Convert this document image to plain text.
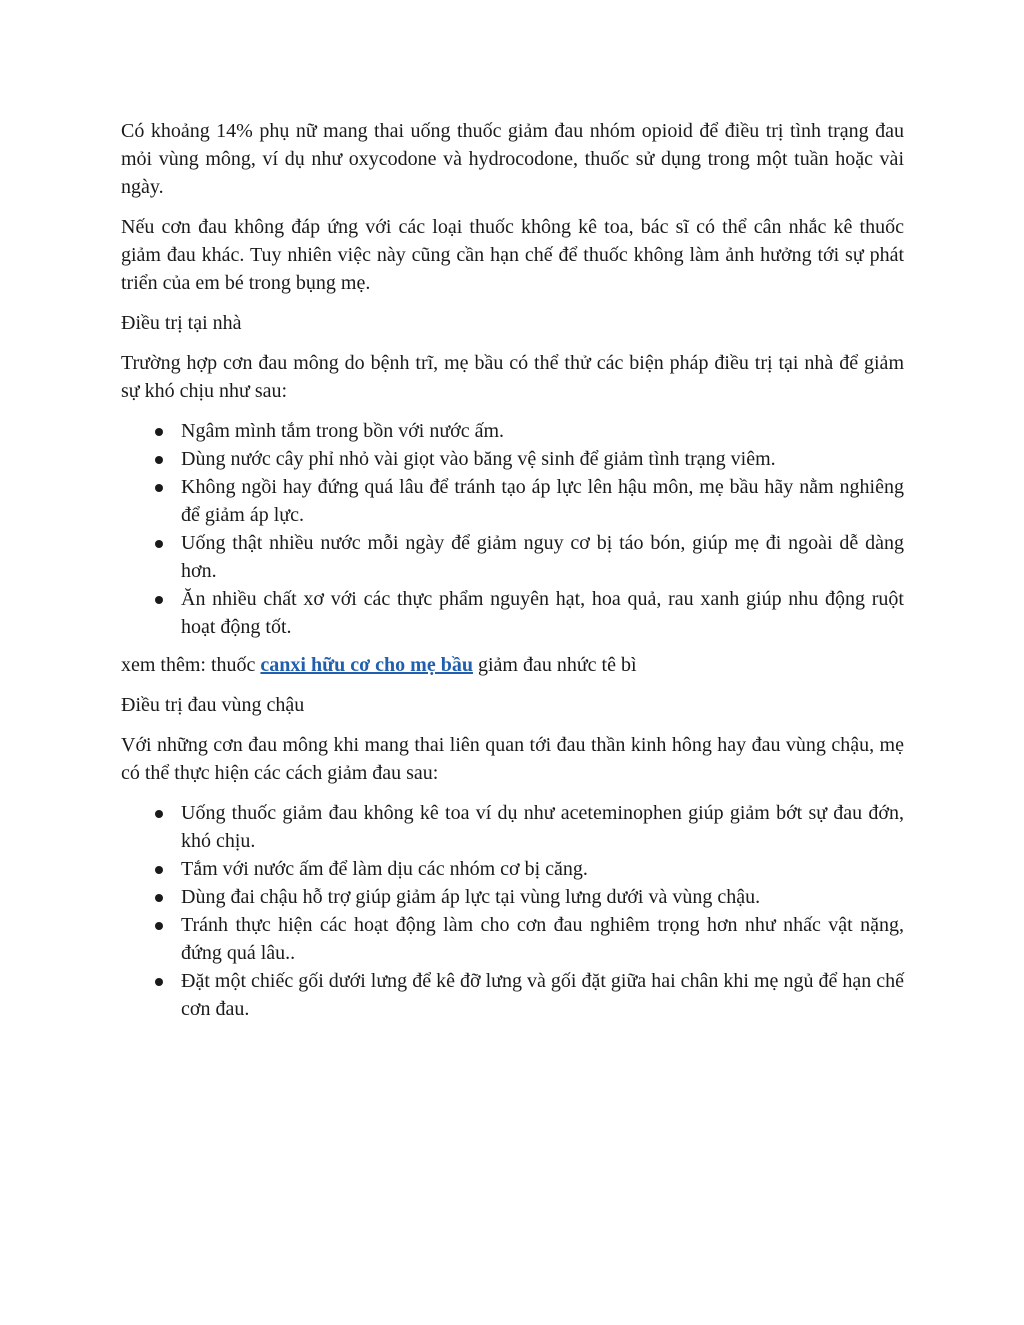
Có khoảng 14% phụ nữ mang thai uống thuốc giảm đau nhóm opioid để điều trị tình trạng đau mỏi vùng mông, ví dụ như oxycodone và hydrocodone, thuốc sử dụng trong một tuần hoặc vài ngày.

Nếu cơn đau không đáp ứng với các loại thuốc không kê toa, bác sĩ có thể cân nhắc kê thuốc giảm đau khác. Tuy nhiên việc này cũng cần hạn chế để thuốc không làm ảnh hưởng tới sự phát triển của em bé trong bụng mẹ.

Điều trị tại nhà

Trường hợp cơn đau mông do bệnh trĩ, mẹ bầu có thể thử các biện pháp điều trị tại nhà để giảm sự khó chịu như sau:

Ngâm mình tắm trong bồn với nước ấm.
Dùng nước cây phỉ nhỏ vài giọt vào băng vệ sinh để giảm tình trạng viêm.
Không ngồi hay đứng quá lâu để tránh tạo áp lực lên hậu môn, mẹ bầu hãy nằm nghiêng để giảm áp lực.
Uống thật nhiều nước mỗi ngày để giảm nguy cơ bị táo bón, giúp mẹ đi ngoài dễ dàng hơn.
Ăn nhiều chất xơ với các thực phẩm nguyên hạt, hoa quả, rau xanh giúp nhu động ruột hoạt động tốt.

xem thêm: thuốc canxi hữu cơ cho mẹ bầu giảm đau nhức tê bì

Điều trị đau vùng chậu

Với những cơn đau mông khi mang thai liên quan tới đau thần kinh hông hay đau vùng chậu, mẹ có thể thực hiện các cách giảm đau sau:

Uống thuốc giảm đau không kê toa ví dụ như aceteminophen giúp giảm bớt sự đau đớn, khó chịu.
Tắm với nước ấm để làm dịu các nhóm cơ bị căng.
Dùng đai chậu hỗ trợ giúp giảm áp lực tại vùng lưng dưới và vùng chậu.
Tránh thực hiện các hoạt động làm cho cơn đau nghiêm trọng hơn như nhấc vật nặng, đứng quá lâu..
Đặt một chiếc gối dưới lưng để kê đỡ lưng và gối đặt giữa hai chân khi mẹ ngủ để hạn chế cơn đau.
